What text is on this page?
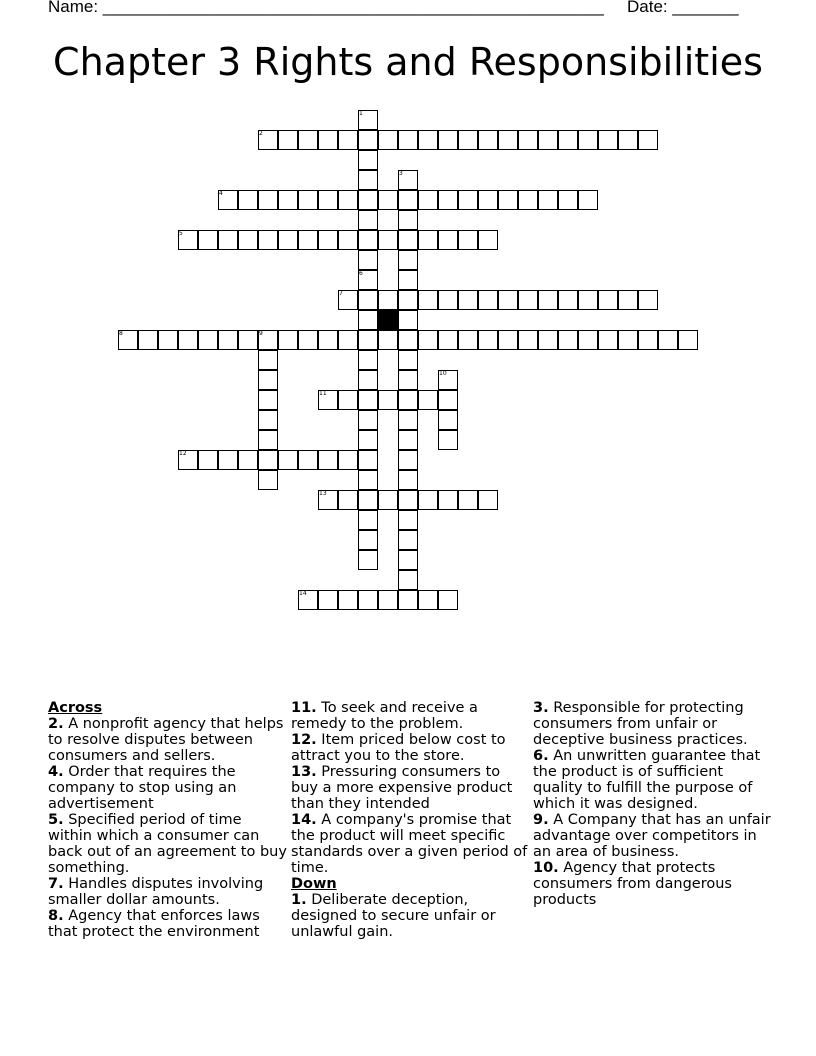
Name: _____________________________________________________ Date: _______
Chapter 3 Rights and Responsibilities
1
6
2
3
4
5
7
8	9
10
11
12
13
14
Across
2. A nonprofit agency that helps to resolve disputes between consumers and sellers.
4. Order that requires the company to stop using an advertisement
5. Specified period of time within which a consumer can back out of an agreement to buy something.
7. Handles disputes involving smaller dollar amounts.
8. Agency that enforces laws that protect the environment
11. To seek and receive a remedy to the problem.
12. Item priced below cost to attract you to the store.
13. Pressuring consumers to buy a more expensive product than they intended
14. A company's promise that the product will meet specific standards over a given period of time.
Down
1. Deliberate deception, designed to secure unfair or unlawful gain.
3. Responsible for protecting consumers from unfair or deceptive business practices.
6. An unwritten guarantee that the product is of sufficient quality to fulfill the purpose of which it was designed.
9. A Company that has an unfair advantage over competitors in an area of business.
10. Agency that protects consumers from dangerous products
